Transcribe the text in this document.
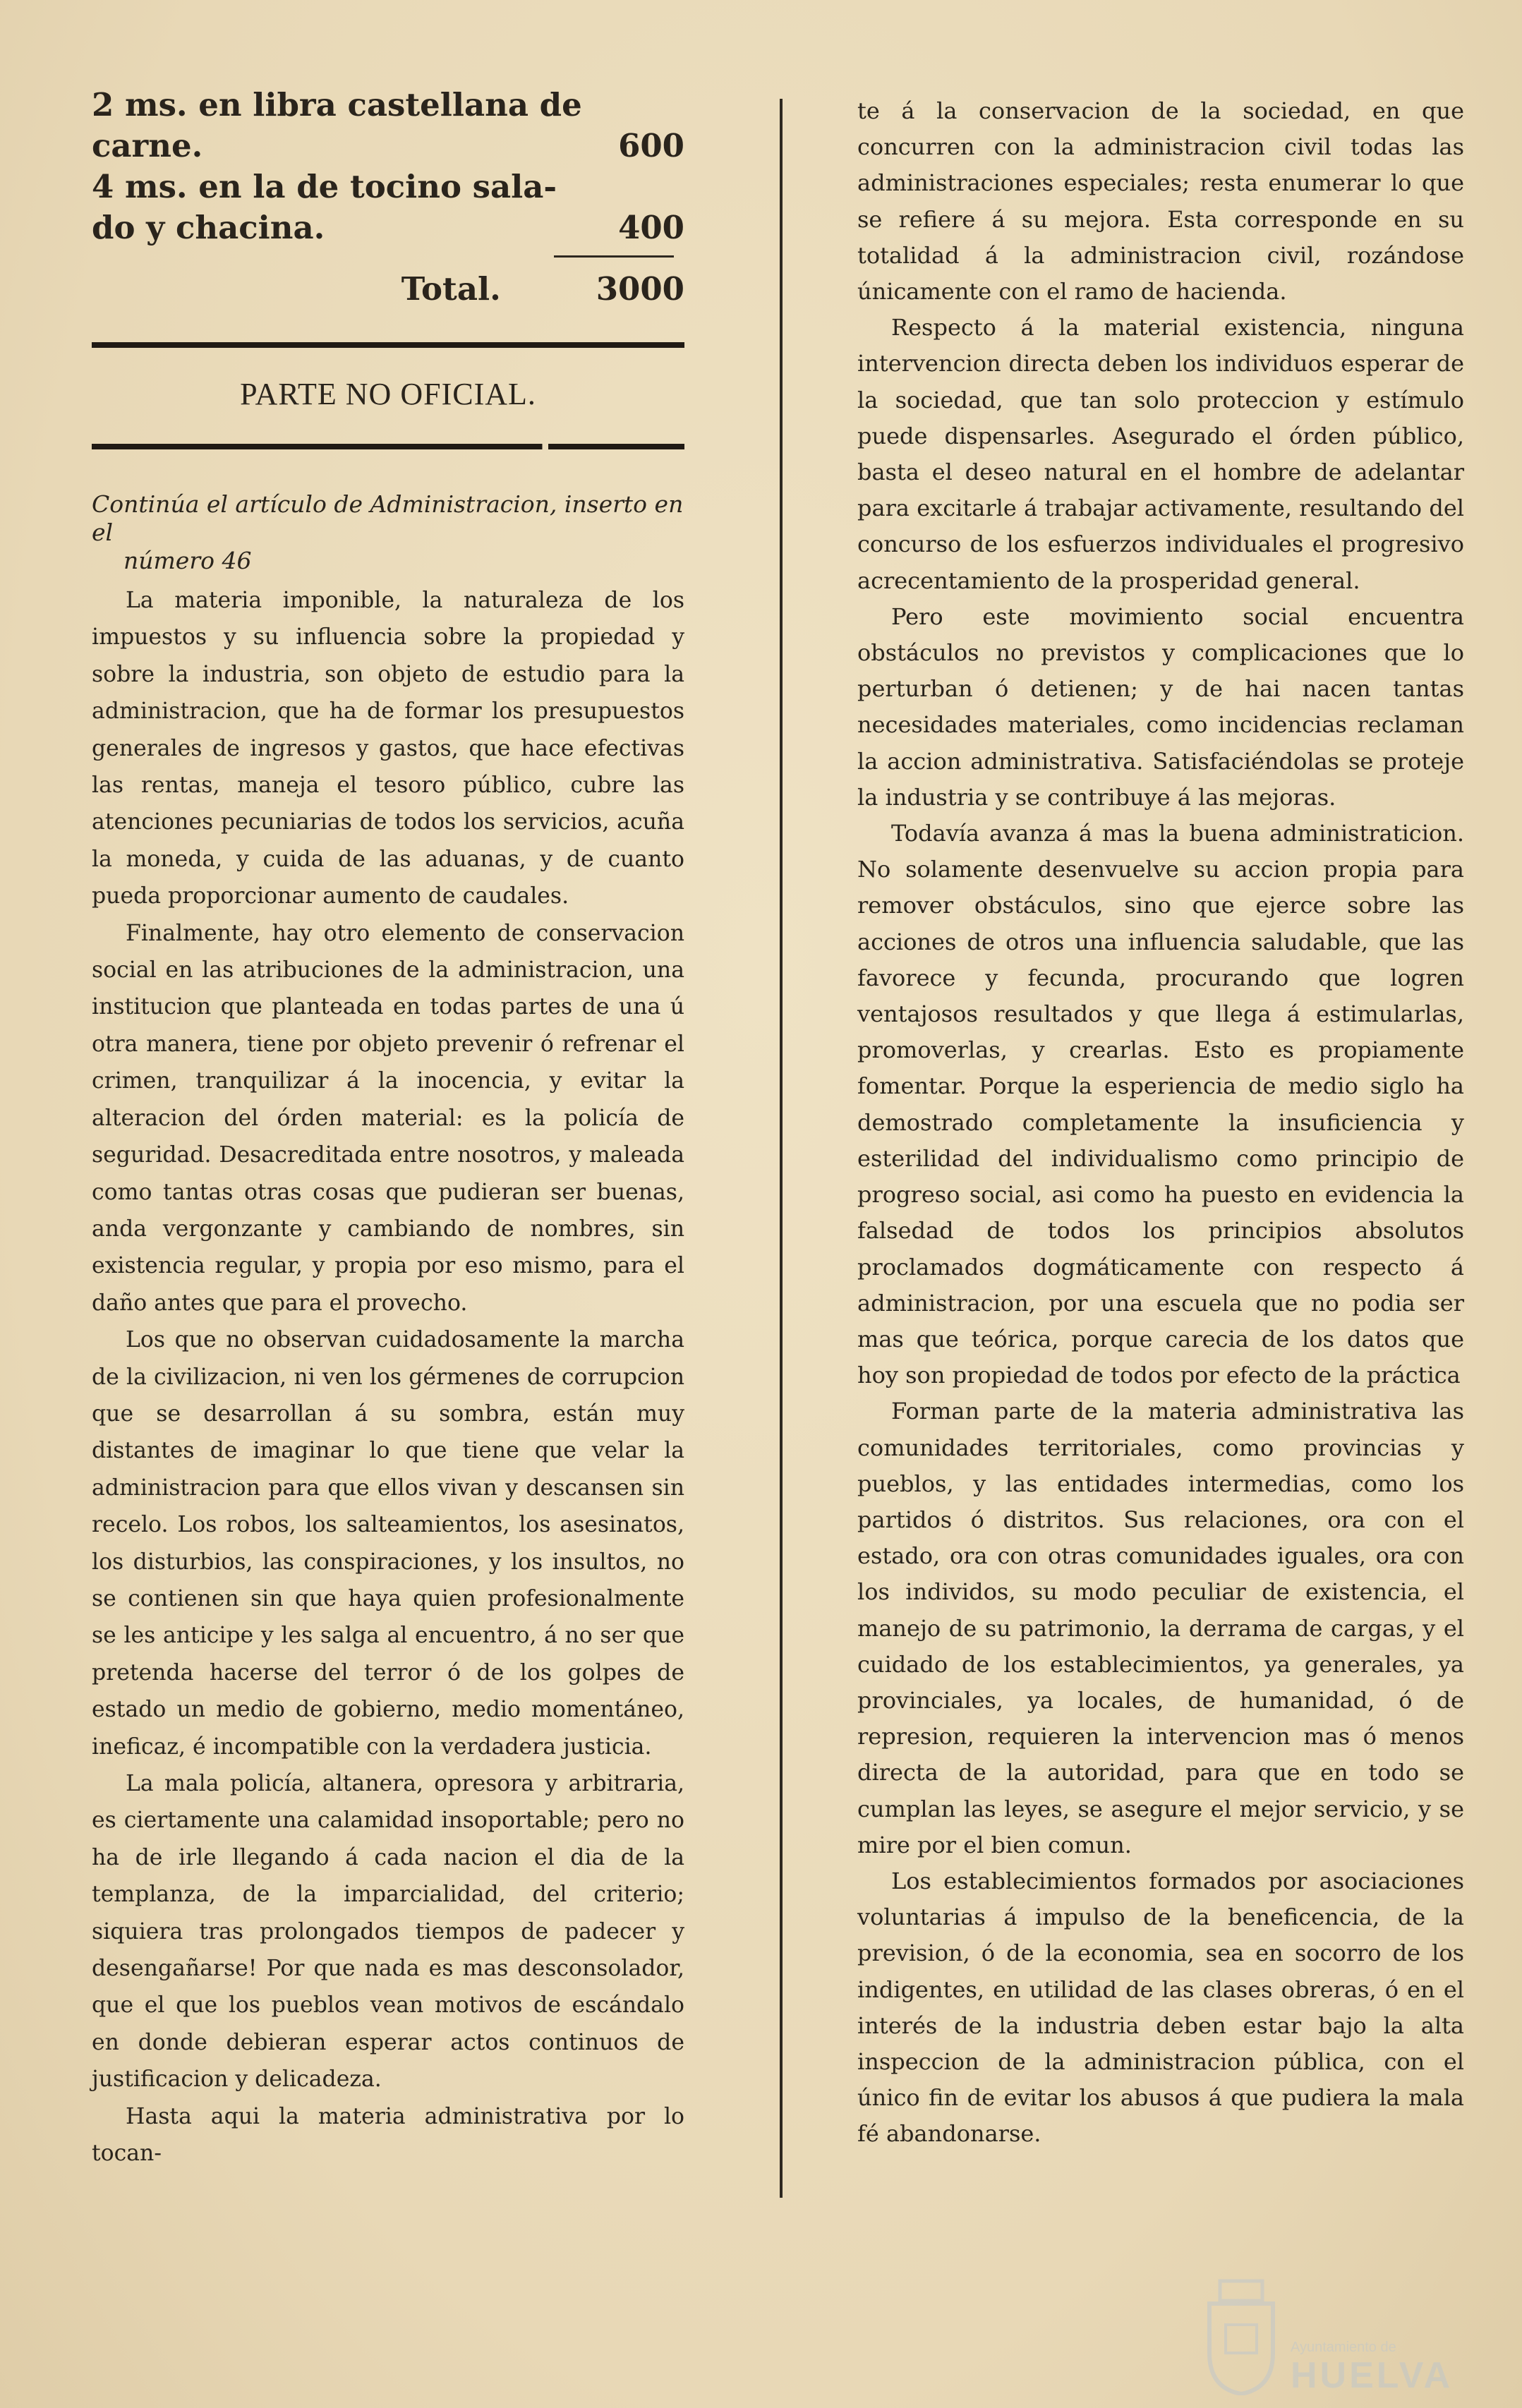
2 ms. en libra castellana de
carne.	600
4 ms. en la de tocino sala-
do y chacina.	400
Total.	3000
PARTE NO OFICIAL.
Continúa el artículo de Administracion, inserto en el
número 46

La materia imponible, la naturaleza de los impuestos y su influencia sobre la propiedad y sobre la industria, son objeto de estudio para la administracion, que ha de formar los presupuestos generales de ingresos y gastos, que hace efectivas las rentas, maneja el tesoro público, cubre las atenciones pecuniarias de todos los servicios, acuña la moneda, y cuida de las aduanas, y de cuanto pueda proporcionar aumento de caudales.

Finalmente, hay otro elemento de conservacion social en las atribuciones de la administracion, una institucion que planteada en todas partes de una ú otra manera, tiene por objeto prevenir ó refrenar el crimen, tranquilizar á la inocencia, y evitar la alteracion del órden material: es la policía de seguridad. Desacreditada entre nosotros, y maleada como tantas otras cosas que pudieran ser buenas, anda vergonzante y cambiando de nombres, sin existencia regular, y propia por eso mismo, para el daño antes que para el provecho.

Los que no observan cuidadosamente la marcha de la civilizacion, ni ven los gérmenes de corrupcion que se desarrollan á su sombra, están muy distantes de imaginar lo que tiene que velar la administracion para que ellos vivan y descansen sin recelo. Los robos, los salteamientos, los asesinatos, los disturbios, las conspiraciones, y los insultos, no se contienen sin que haya quien profesionalmente se les anticipe y les salga al encuentro, á no ser que pretenda hacerse del terror ó de los golpes de estado un medio de gobierno, medio momentáneo, ineficaz, é incompatible con la verdadera justicia.

La mala policía, altanera, opresora y arbitraria, es ciertamente una calamidad insoportable; pero no ha de irle llegando á cada nacion el dia de la templanza, de la imparcialidad, del criterio; siquiera tras prolongados tiempos de padecer y desengañarse! Por que nada es mas desconsolador, que el que los pueblos vean motivos de escándalo en donde debieran esperar actos continuos de justificacion y delicadeza.

Hasta aqui la materia administrativa por lo tocan-

te á la conservacion de la sociedad, en que concurren con la administracion civil todas las administraciones especiales; resta enumerar lo que se refiere á su mejora. Esta corresponde en su totalidad á la administracion civil, rozándose únicamente con el ramo de hacienda.

Respecto á la material existencia, ninguna intervencion directa deben los individuos esperar de la sociedad, que tan solo proteccion y estímulo puede dispensarles. Asegurado el órden público, basta el deseo natural en el hombre de adelantar para excitarle á trabajar activamente, resultando del concurso de los esfuerzos individuales el progresivo acrecentamiento de la prosperidad general.

Pero este movimiento social encuentra obstáculos no previstos y complicaciones que lo perturban ó detienen; y de hai nacen tantas necesidades materiales, como incidencias reclaman la accion administrativa. Satisfaciéndolas se proteje la industria y se contribuye á las mejoras.

Todavía avanza á mas la buena administraticion. No solamente desenvuelve su accion propia para remover obstáculos, sino que ejerce sobre las acciones de otros una influencia saludable, que las favorece y fecunda, procurando que logren ventajosos resultados y que llega á estimularlas, promoverlas, y crearlas. Esto es propiamente fomentar. Porque la esperiencia de medio siglo ha demostrado completamente la insuficiencia y esterilidad del individualismo como principio de progreso social, asi como ha puesto en evidencia la falsedad de todos los principios absolutos proclamados dogmáticamente con respecto á administracion, por una escuela que no podia ser mas que teórica, porque carecia de los datos que hoy son propiedad de todos por efecto de la práctica

Forman parte de la materia administrativa las comunidades territoriales, como provincias y pueblos, y las entidades intermedias, como los partidos ó distritos. Sus relaciones, ora con el estado, ora con otras comunidades iguales, ora con los individos, su modo peculiar de existencia, el manejo de su patrimonio, la derrama de cargas, y el cuidado de los establecimientos, ya generales, ya provinciales, ya locales, de humanidad, ó de represion, requieren la intervencion mas ó menos directa de la autoridad, para que en todo se cumplan las leyes, se asegure el mejor servicio, y se mire por el bien comun.

Los establecimientos formados por asociaciones voluntarias á impulso de la beneficencia, de la prevision, ó de la economia, sea en socorro de los indigentes, en utilidad de las clases obreras, ó en el interés de la industria deben estar bajo la alta inspeccion de la administracion pública, con el único fin de evitar los abusos á que pudiera la mala fé abandonarse.

Ayuntamiento de
HUELVA
